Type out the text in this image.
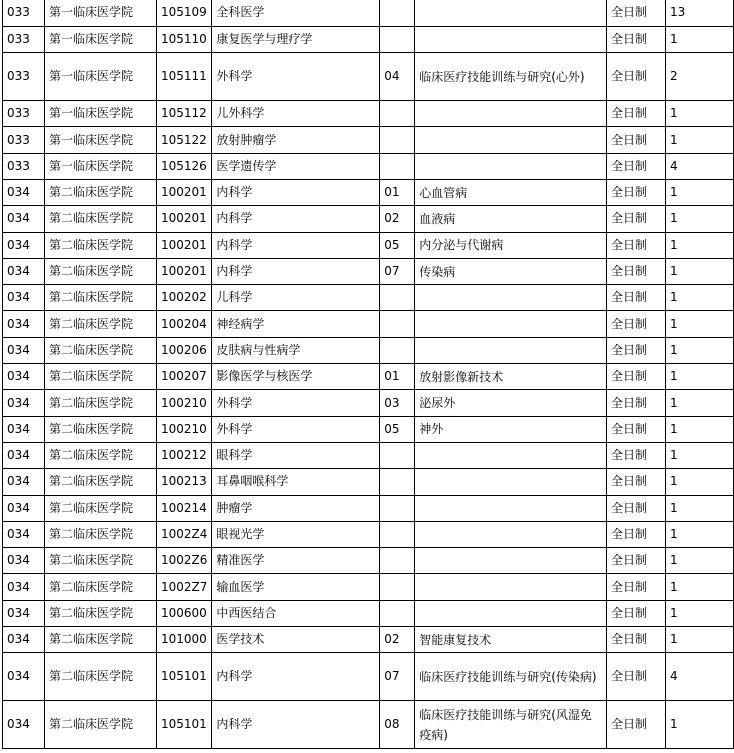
033	第一临床医学院	105109	全科医学			全日制	13
033	第一临床医学院	105110	康复医学与理疗学			全日制	1
033	第一临床医学院	105111	外科学	04	临床医疗技能训练与研究(心外)	全日制	2
033	第一临床医学院	105112	儿外科学			全日制	1
033	第一临床医学院	105122	放射肿瘤学			全日制	1
033	第一临床医学院	105126	医学遗传学			全日制	4
034	第二临床医学院	100201	内科学	01	心血管病	全日制	1
034	第二临床医学院	100201	内科学	02	血液病	全日制	1
034	第二临床医学院	100201	内科学	05	内分泌与代谢病	全日制	1
034	第二临床医学院	100201	内科学	07	传染病	全日制	1
034	第二临床医学院	100202	儿科学			全日制	1
034	第二临床医学院	100204	神经病学			全日制	1
034	第二临床医学院	100206	皮肤病与性病学			全日制	1
034	第二临床医学院	100207	影像医学与核医学	01	放射影像新技术	全日制	1
034	第二临床医学院	100210	外科学	03	泌尿外	全日制	1
034	第二临床医学院	100210	外科学	05	神外	全日制	1
034	第二临床医学院	100212	眼科学			全日制	1
034	第二临床医学院	100213	耳鼻咽喉科学			全日制	1
034	第二临床医学院	100214	肿瘤学			全日制	1
034	第二临床医学院	1002Z4	眼视光学			全日制	1
034	第二临床医学院	1002Z6	精准医学			全日制	1
034	第二临床医学院	1002Z7	输血医学			全日制	1
034	第二临床医学院	100600	中西医结合			全日制	1
034	第二临床医学院	101000	医学技术	02	智能康复技术	全日制	1
034	第二临床医学院	105101	内科学	07	临床医疗技能训练与研究(传染病)	全日制	4
034	第二临床医学院	105101	内科学	08	临床医疗技能训练与研究(风湿免疫病)	全日制	1
